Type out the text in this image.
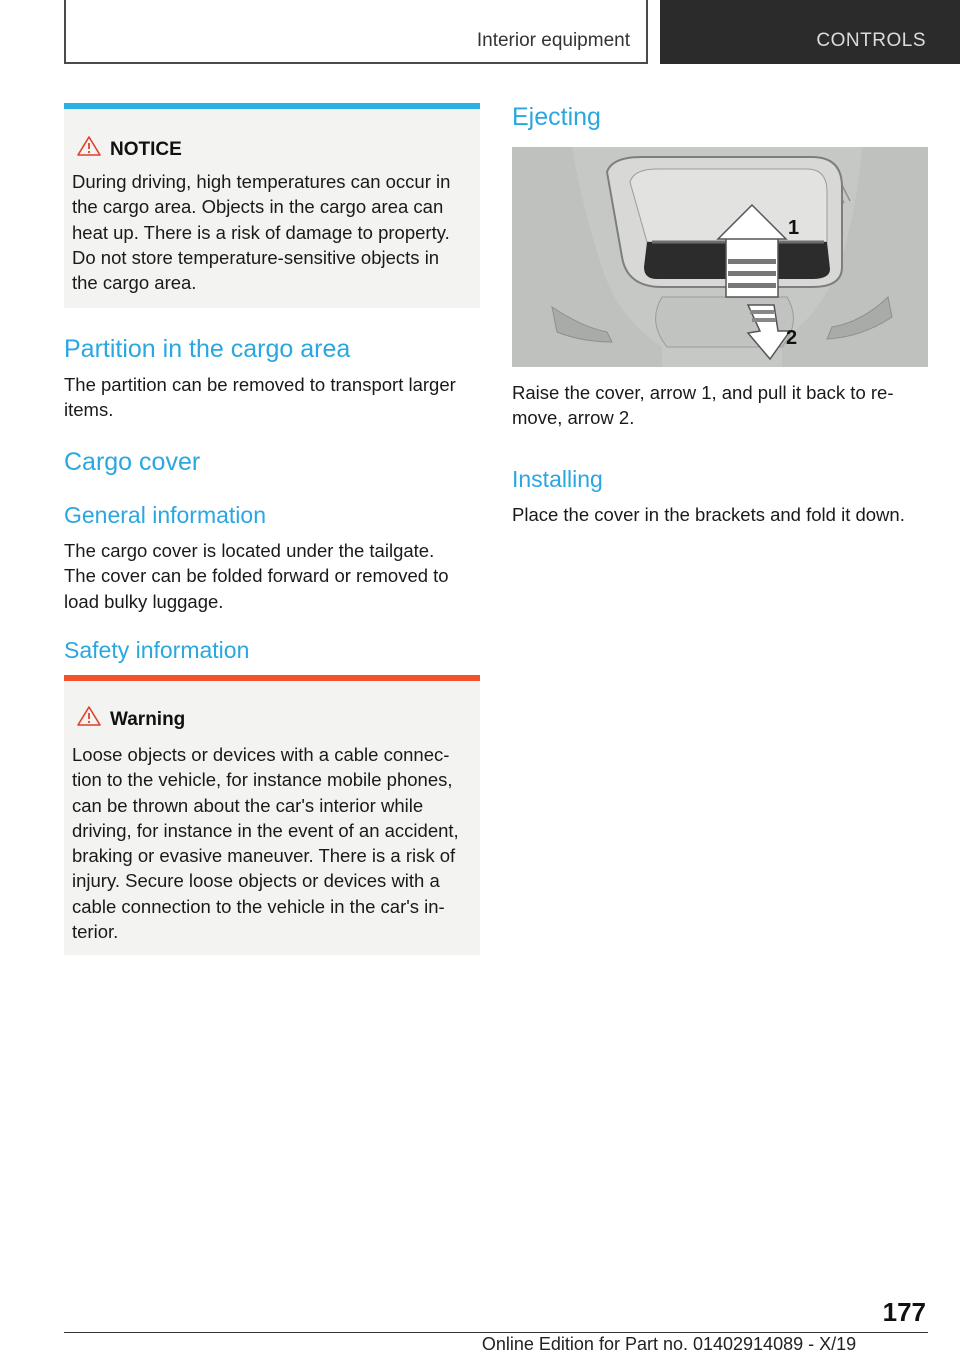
Interior equipment	CONTROLS
NOTICE
During driving, high temperatures can occur in
the cargo area. Objects in the cargo area can
heat up. There is a risk of damage to property.
Do not store temperature-sensitive objects in
the cargo area.
Partition in the cargo area
The partition can be removed to transport larger
items.
Cargo cover
General information
The cargo cover is located under the tailgate.
The cover can be folded forward or removed to
load bulky luggage.
Safety information
Warning
Loose objects or devices with a cable connec-
tion to the vehicle, for instance mobile phones,
can be thrown about the car's interior while
driving, for instance in the event of an accident,
braking or evasive maneuver. There is a risk of
injury. Secure loose objects or devices with a
cable connection to the vehicle in the car's in-
terior.
Ejecting
1
2
Raise the cover, arrow 1, and pull it back to re-
move, arrow 2.
Installing
Place the cover in the brackets and fold it down.
177
Online Edition for Part no. 01402914089 - X/19
